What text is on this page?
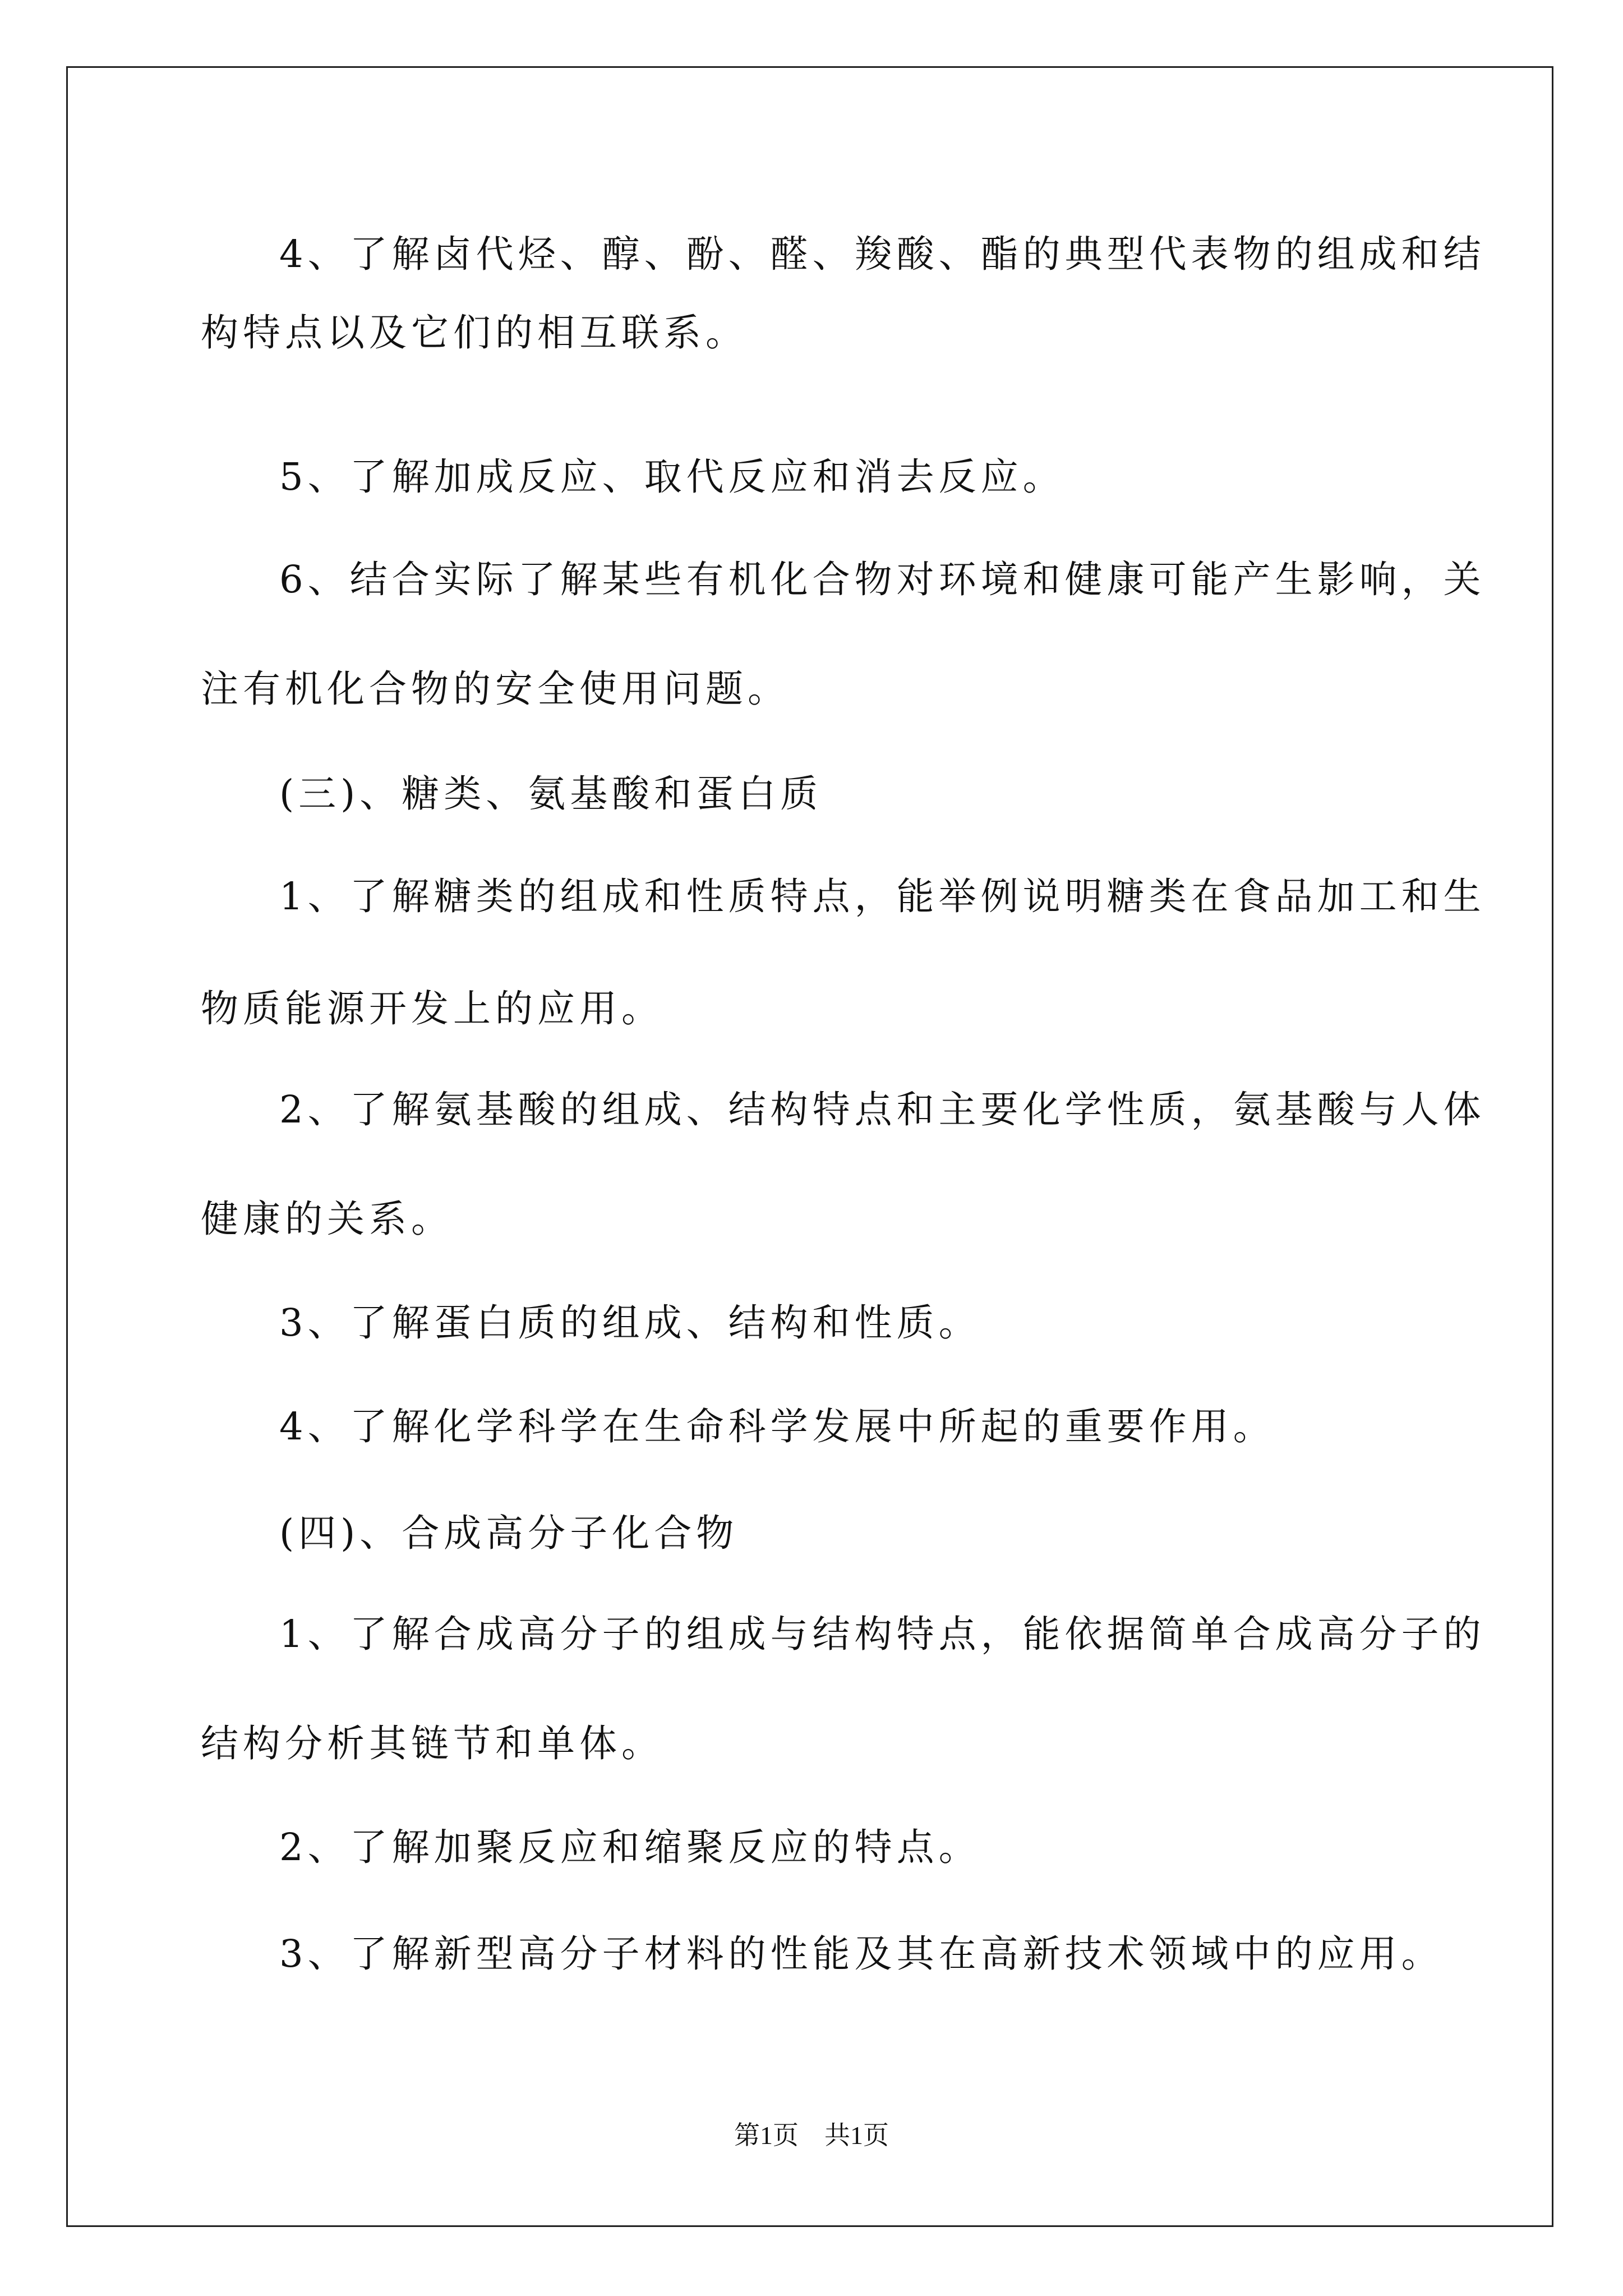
4、了解卤代烃、醇、酚、醛、羧酸、酯的典型代表物的组成和结

构特点以及它们的相互联系。

5、了解加成反应、取代反应和消去反应。

6、结合实际了解某些有机化合物对环境和健康可能产生影响，关

注有机化合物的安全使用问题。

(三)、糖类、氨基酸和蛋白质

1、了解糖类的组成和性质特点，能举例说明糖类在食品加工和生

物质能源开发上的应用。

2、了解氨基酸的组成、结构特点和主要化学性质，氨基酸与人体

健康的关系。

3、了解蛋白质的组成、结构和性质。

4、了解化学科学在生命科学发展中所起的重要作用。

(四)、合成高分子化合物

1、了解合成高分子的组成与结构特点，能依据简单合成高分子的

结构分析其链节和单体。

2、了解加聚反应和缩聚反应的特点。

3、了解新型高分子材料的性能及其在高新技术领域中的应用。

第1页　共1页
